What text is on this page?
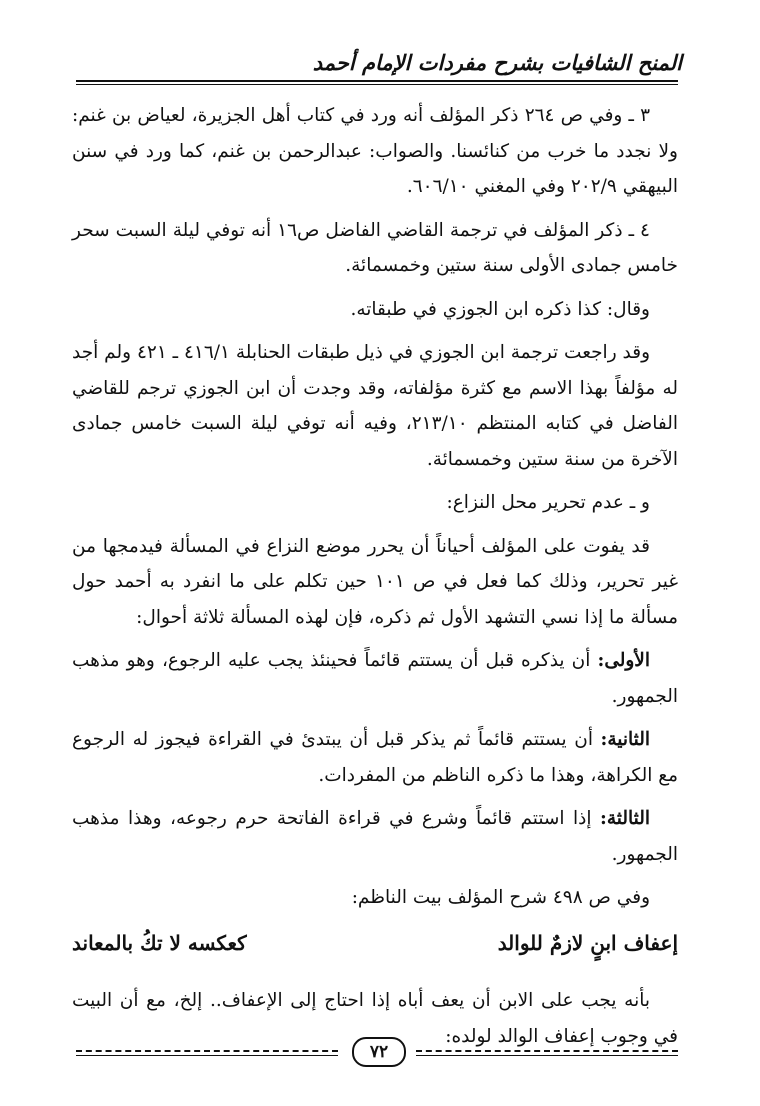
المنح الشافيات بشرح مفردات الإمام أحمد

٣ ـ وفي ص ٢٦٤ ذكر المؤلف أنه ورد في كتاب أهل الجزيرة، لعياض بن غنم: ولا نجدد ما خرب من كنائسنا. والصواب: عبدالرحمن بن غنم، كما ورد في سنن البيهقي ٢٠٢/٩ وفي المغني ٦٠٦/١٠.

٤ ـ ذكر المؤلف في ترجمة القاضي الفاضل ص١٦ أنه توفي ليلة السبت سحر خامس جمادى الأولى سنة ستين وخمسمائة.

وقال: كذا ذكره ابن الجوزي في طبقاته.

وقد راجعت ترجمة ابن الجوزي في ذيل طبقات الحنابلة ٤١٦/١ ـ ٤٢١ ولم أجد له مؤلفاً بهذا الاسم مع كثرة مؤلفاته، وقد وجدت أن ابن الجوزي ترجم للقاضي الفاضل في كتابه المنتظم ٢١٣/١٠، وفيه أنه توفي ليلة السبت خامس جمادى الآخرة من سنة ستين وخمسمائة.

و ـ عدم تحرير محل النزاع:

قد يفوت على المؤلف أحياناً أن يحرر موضع النزاع في المسألة فيدمجها من غير تحرير، وذلك كما فعل في ص ١٠١ حين تكلم على ما انفرد به أحمد حول مسألة ما إذا نسي التشهد الأول ثم ذكره، فإن لهذه المسألة ثلاثة أحوال:

الأولى: أن يذكره قبل أن يستتم قائماً فحينئذ يجب عليه الرجوع، وهو مذهب الجمهور.

الثانية: أن يستتم قائماً ثم يذكر قبل أن يبتدئ في القراءة فيجوز له الرجوع مع الكراهة، وهذا ما ذكره الناظم من المفردات.

الثالثة: إذا استتم قائماً وشرع في قراءة الفاتحة حرم رجوعه، وهذا مذهب الجمهور.

وفي ص ٤٩٨ شرح المؤلف بيت الناظم:

إعفاف ابنٍ لازمٌ للوالد
كعكسه لا تكُ بالمعاند

بأنه يجب على الابن أن يعف أباه إذا احتاج إلى الإعفاف.. إلخ، مع أن البيت في وجوب إعفاف الوالد لولده:

٧٢
